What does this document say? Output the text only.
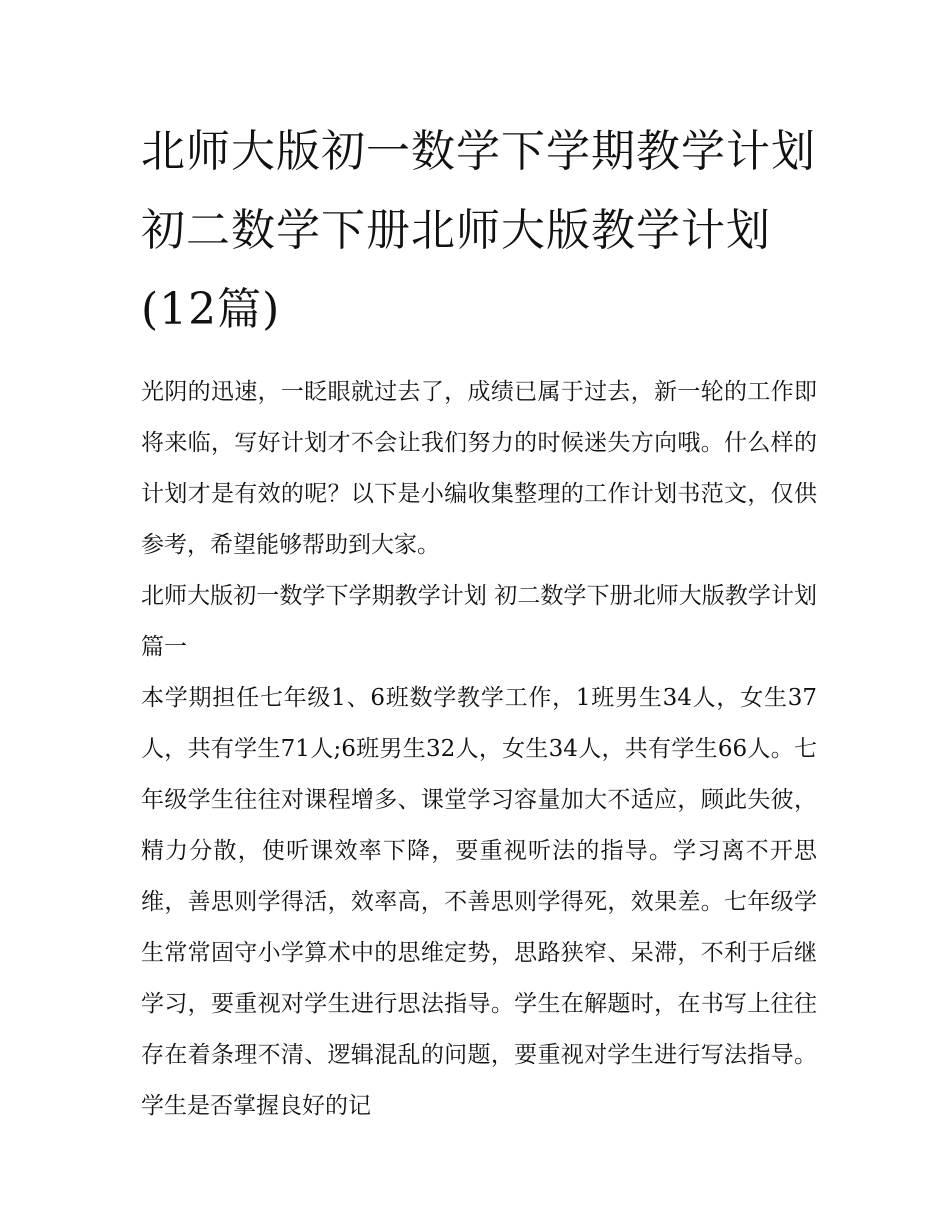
北师大版初一数学下学期教学计划 初二数学下册北师大版教学计划(12篇)

光阴的迅速，一眨眼就过去了，成绩已属于过去，新一轮的工作即将来临，写好计划才不会让我们努力的时候迷失方向哦。什么样的计划才是有效的呢？以下是小编收集整理的工作计划书范文，仅供参考，希望能够帮助到大家。

北师大版初一数学下学期教学计划 初二数学下册北师大版教学计划篇一

本学期担任七年级1、6班数学教学工作，1班男生34人，女生37人，共有学生71人;6班男生32人，女生34人，共有学生66人。七年级学生往往对课程增多、课堂学习容量加大不适应，顾此失彼，精力分散，使听课效率下降，要重视听法的指导。学习离不开思维，善思则学得活，效率高，不善思则学得死，效果差。七年级学生常常固守小学算术中的思维定势，思路狭窄、呆滞，不利于后继学习，要重视对学生进行思法指导。学生在解题时，在书写上往往存在着条理不清、逻辑混乱的问题，要重视对学生进行写法指导。学生是否掌握良好的记
